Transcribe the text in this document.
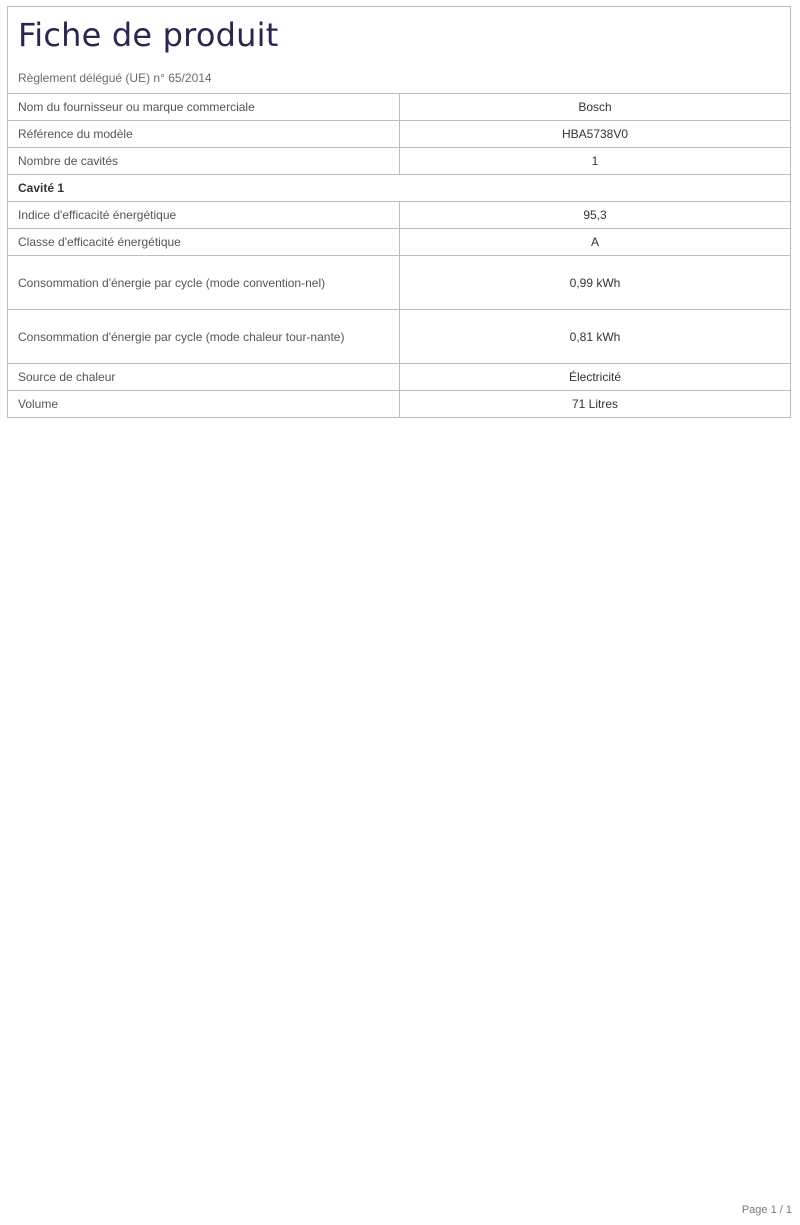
Fiche de produit
Règlement délégué (UE) n° 65/2014
Nom du fournisseur ou marque commerciale	Bosch
Référence du modèle	HBA5738V0
Nombre de cavités	1
Cavité 1	
Indice d'efficacité énergétique	95,3
Classe d'efficacité énergétique	A
Consommation d'énergie par cycle (mode convention-nel)	0,99 kWh
Consommation d'énergie par cycle (mode chaleur tour-nante)	0,81 kWh
Source de chaleur	Électricité
Volume	71 Litres
Page 1 / 1
